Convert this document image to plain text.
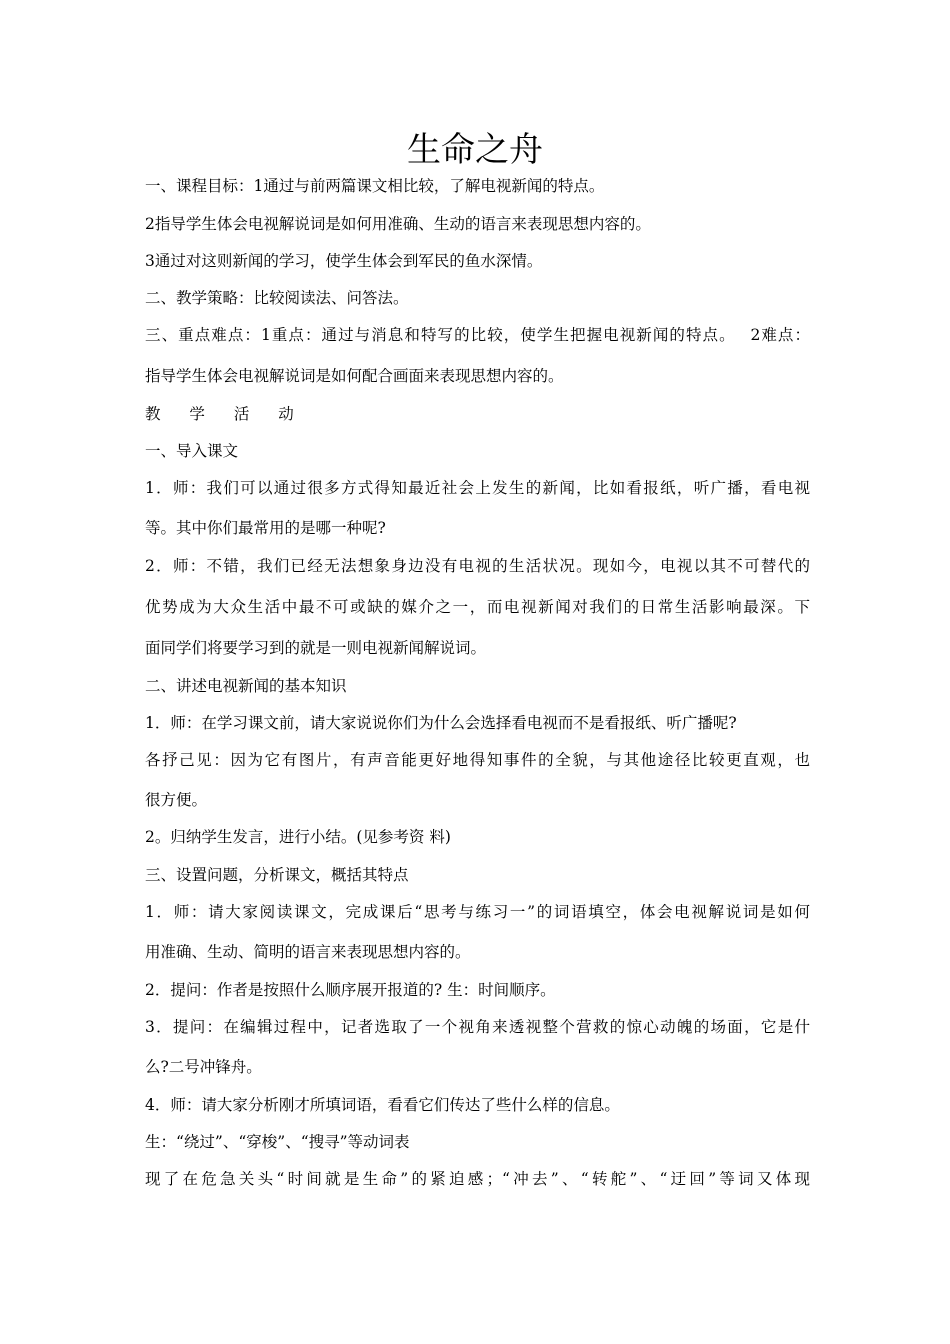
生命之舟
一、课程目标：1通过与前两篇课文相比较，了解电视新闻的特点。
2指导学生体会电视解说词是如何用准确、生动的语言来表现思想内容的。
3通过对这则新闻的学习，使学生体会到军民的鱼水深情。
二、教学策略：比较阅读法、问答法。
三、重点难点：1重点：通过与消息和特写的比较，使学生把握电视新闻的特点。　 2难点：
指导学生体会电视解说词是如何配合画面来表现思想内容的。
教 学 活 动
一、导入课文
1．师：我们可以通过很多方式得知最近社会上发生的新闻，比如看报纸，听广播，看电视
等。其中你们最常用的是哪一种呢?
2．师：不错，我们已经无法想象身边没有电视的生活状况。现如今，电视以其不可替代的
优势成为大众生活中最不可或缺的媒介之一，而电视新闻对我们的日常生活影响最深。下
面同学们将要学习到的就是一则电视新闻解说词。
二、讲述电视新闻的基本知识
1．师：在学习课文前，请大家说说你们为什么会选择看电视而不是看报纸、听广播呢?
各抒己见：因为它有图片，有声音能更好地得知事件的全貌，与其他途径比较更直观，也
很方便。
2。归纳学生发言，进行小结。(见参考资 料)
三、设置问题，分析课文，概括其特点
1．师：请大家阅读课文，完成课后“思考与练习一”的词语填空，体会电视解说词是如何
用准确、生动、简明的语言来表现思想内容的。
2．提问：作者是按照什么顺序展开报道的? 生：时间顺序。
3．提问：在编辑过程中，记者选取了一个视角来透视整个营救的惊心动魄的场面，它是什
么?二号冲锋舟。
4．师：请大家分析刚才所填词语，看看它们传达了些什么样的信息。
生：“绕过”、“穿梭”、“搜寻”等动词表
现了在危急关头“时间就是生命”的紧迫感；“冲去”、“转舵”、“迂回”等词又体现
